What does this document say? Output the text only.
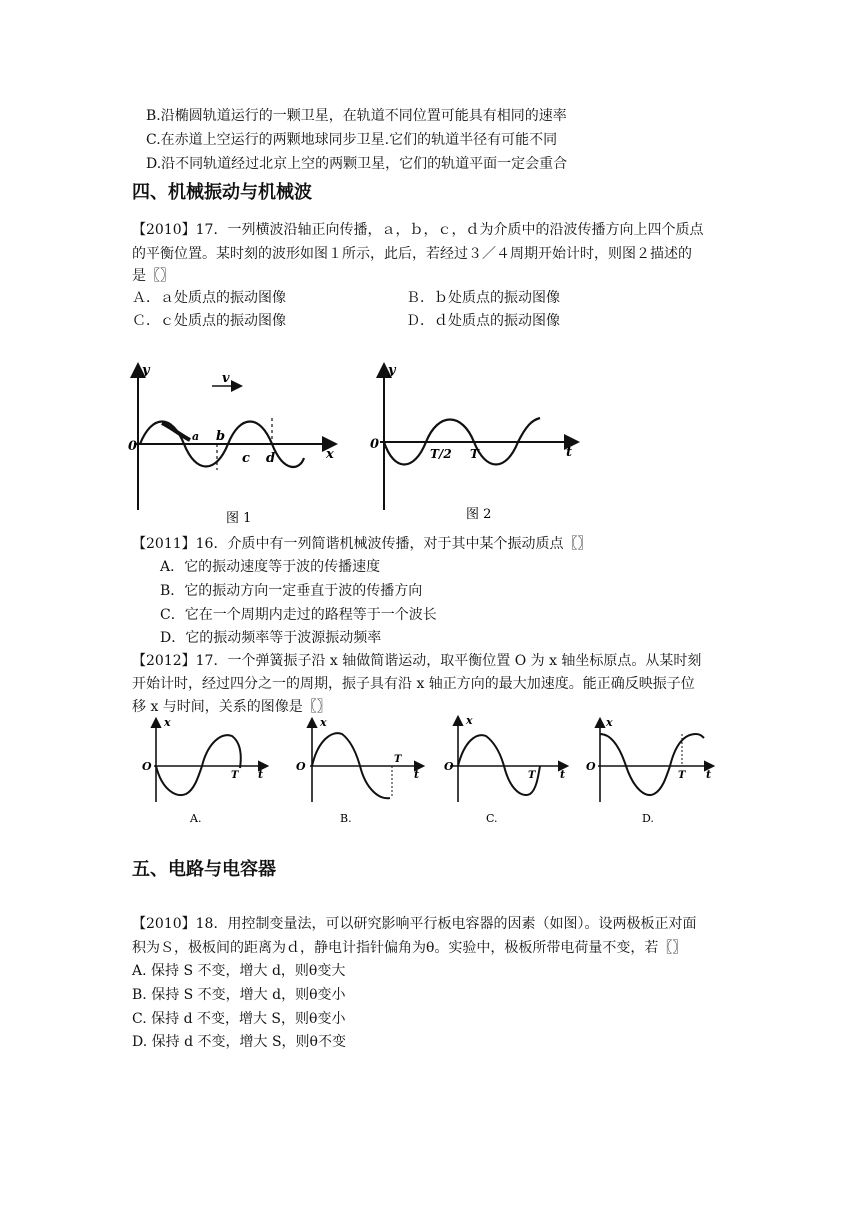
B.沿椭圆轨道运行的一颗卫星，在轨道不同位置可能具有相同的速率
C.在赤道上空运行的两颗地球同步卫星.它们的轨道半径有可能不同
D.沿不同轨道经过北京上空的两颗卫星，它们的轨道平面一定会重合
四、机械振动与机械波
【2010】17．一列横波沿轴正向传播，ａ，ｂ，ｃ，ｄ为介质中的沿波传播方向上四个质点
的平衡位置。某时刻的波形如图１所示，此后，若经过３／４周期开始计时，则图２描述的
是〖〗
Ａ．ａ处质点的振动图像	Ｂ．ｂ处质点的振动图像
Ｃ．ｃ处质点的振动图像	Ｄ．ｄ处质点的振动图像
y
v
0
a b
c d	x
图 1
y
0
T/2 T	t
图 2
【2011】16．介质中有一列简谐机械波传播，对于其中某个振动质点〖〗
A．它的振动速度等于波的传播速度
B．它的振动方向一定垂直于波的传播方向
C．它在一个周期内走过的路程等于一个波长
D．它的振动频率等于波源振动频率
【2012】17．一个弹簧振子沿 x 轴做简谐运动，取平衡位置 O 为 x 轴坐标原点。从某时刻
开始计时，经过四分之一的周期，振子具有沿 x 轴正方向的最大加速度。能正确反映振子位
移 x 与时间，关系的图像是〖〗
x
O
T t
A.
x
O
T
t
B.
x
O
T t
C.
x
O
T t
D.
五、电路与电容器
【2010】18．用控制变量法，可以研究影响平行板电容器的因素（如图）。设两极板正对面
积为Ｓ，极板间的距离为ｄ，静电计指针偏角为θ。实验中，极板所带电荷量不变，若〖〗
A. 保持 S 不变，增大 d，则θ变大
B. 保持 S 不变，增大 d，则θ变小
C. 保持 d 不变，增大 S，则θ变小
D. 保持 d 不变，增大 S，则θ不变
